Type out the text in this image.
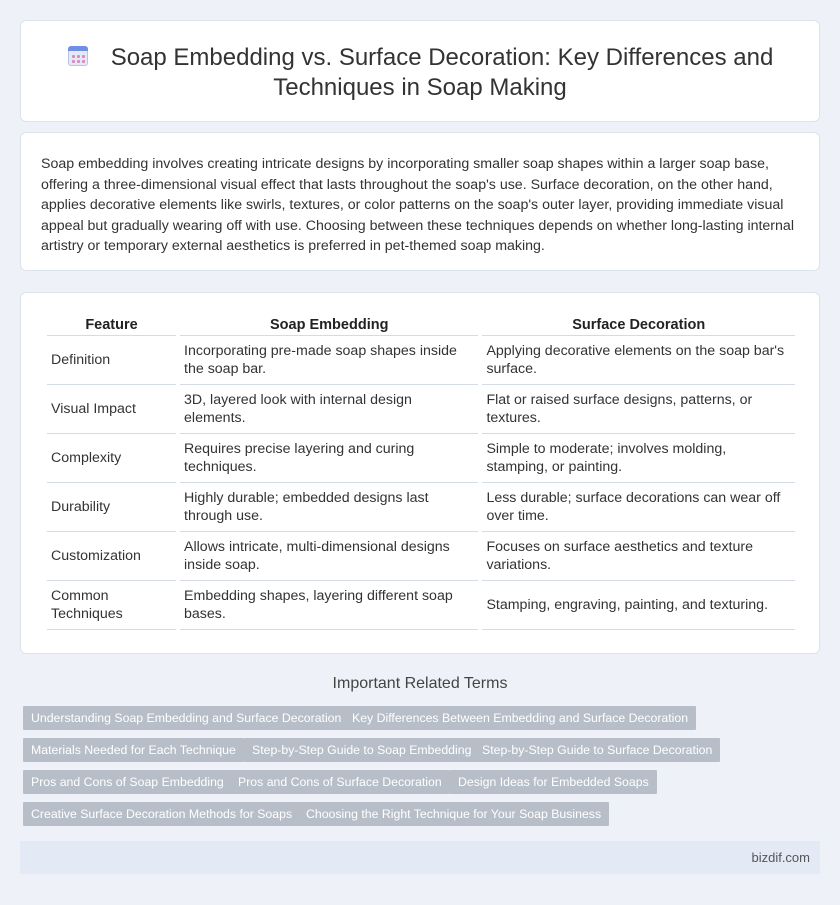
Soap Embedding vs. Surface Decoration: Key Differences and Techniques in Soap Making

Soap embedding involves creating intricate designs by incorporating smaller soap shapes within a larger soap base, offering a three-dimensional visual effect that lasts throughout the soap's use. Surface decoration, on the other hand, applies decorative elements like swirls, textures, or color patterns on the soap's outer layer, providing immediate visual appeal but gradually wearing off with use. Choosing between these techniques depends on whether long-lasting internal artistry or temporary external aesthetics is preferred in pet-themed soap making.

Feature	Soap Embedding	Surface Decoration
Definition	Incorporating pre-made soap shapes inside the soap bar.	Applying decorative elements on the soap bar's surface.
Visual Impact	3D, layered look with internal design elements.	Flat or raised surface designs, patterns, or textures.
Complexity	Requires precise layering and curing techniques.	Simple to moderate; involves molding, stamping, or painting.
Durability	Highly durable; embedded designs last through use.	Less durable; surface decorations can wear off over time.
Customization	Allows intricate, multi-dimensional designs inside soap.	Focuses on surface aesthetics and texture variations.
Common Techniques	Embedding shapes, layering different soap bases.	Stamping, engraving, painting, and texturing.
Important Related Terms
Understanding Soap Embedding and Surface Decoration Key Differences Between Embedding and Surface Decoration
Materials Needed for Each Technique	Step-by-Step Guide to Soap Embedding Step-by-Step Guide to Surface Decoration
Pros and Cons of Soap Embedding	Pros and Cons of Surface Decoration	Design Ideas for Embedded Soaps
Creative Surface Decoration Methods for Soaps	Choosing the Right Technique for Your Soap Business
bizdif.com
